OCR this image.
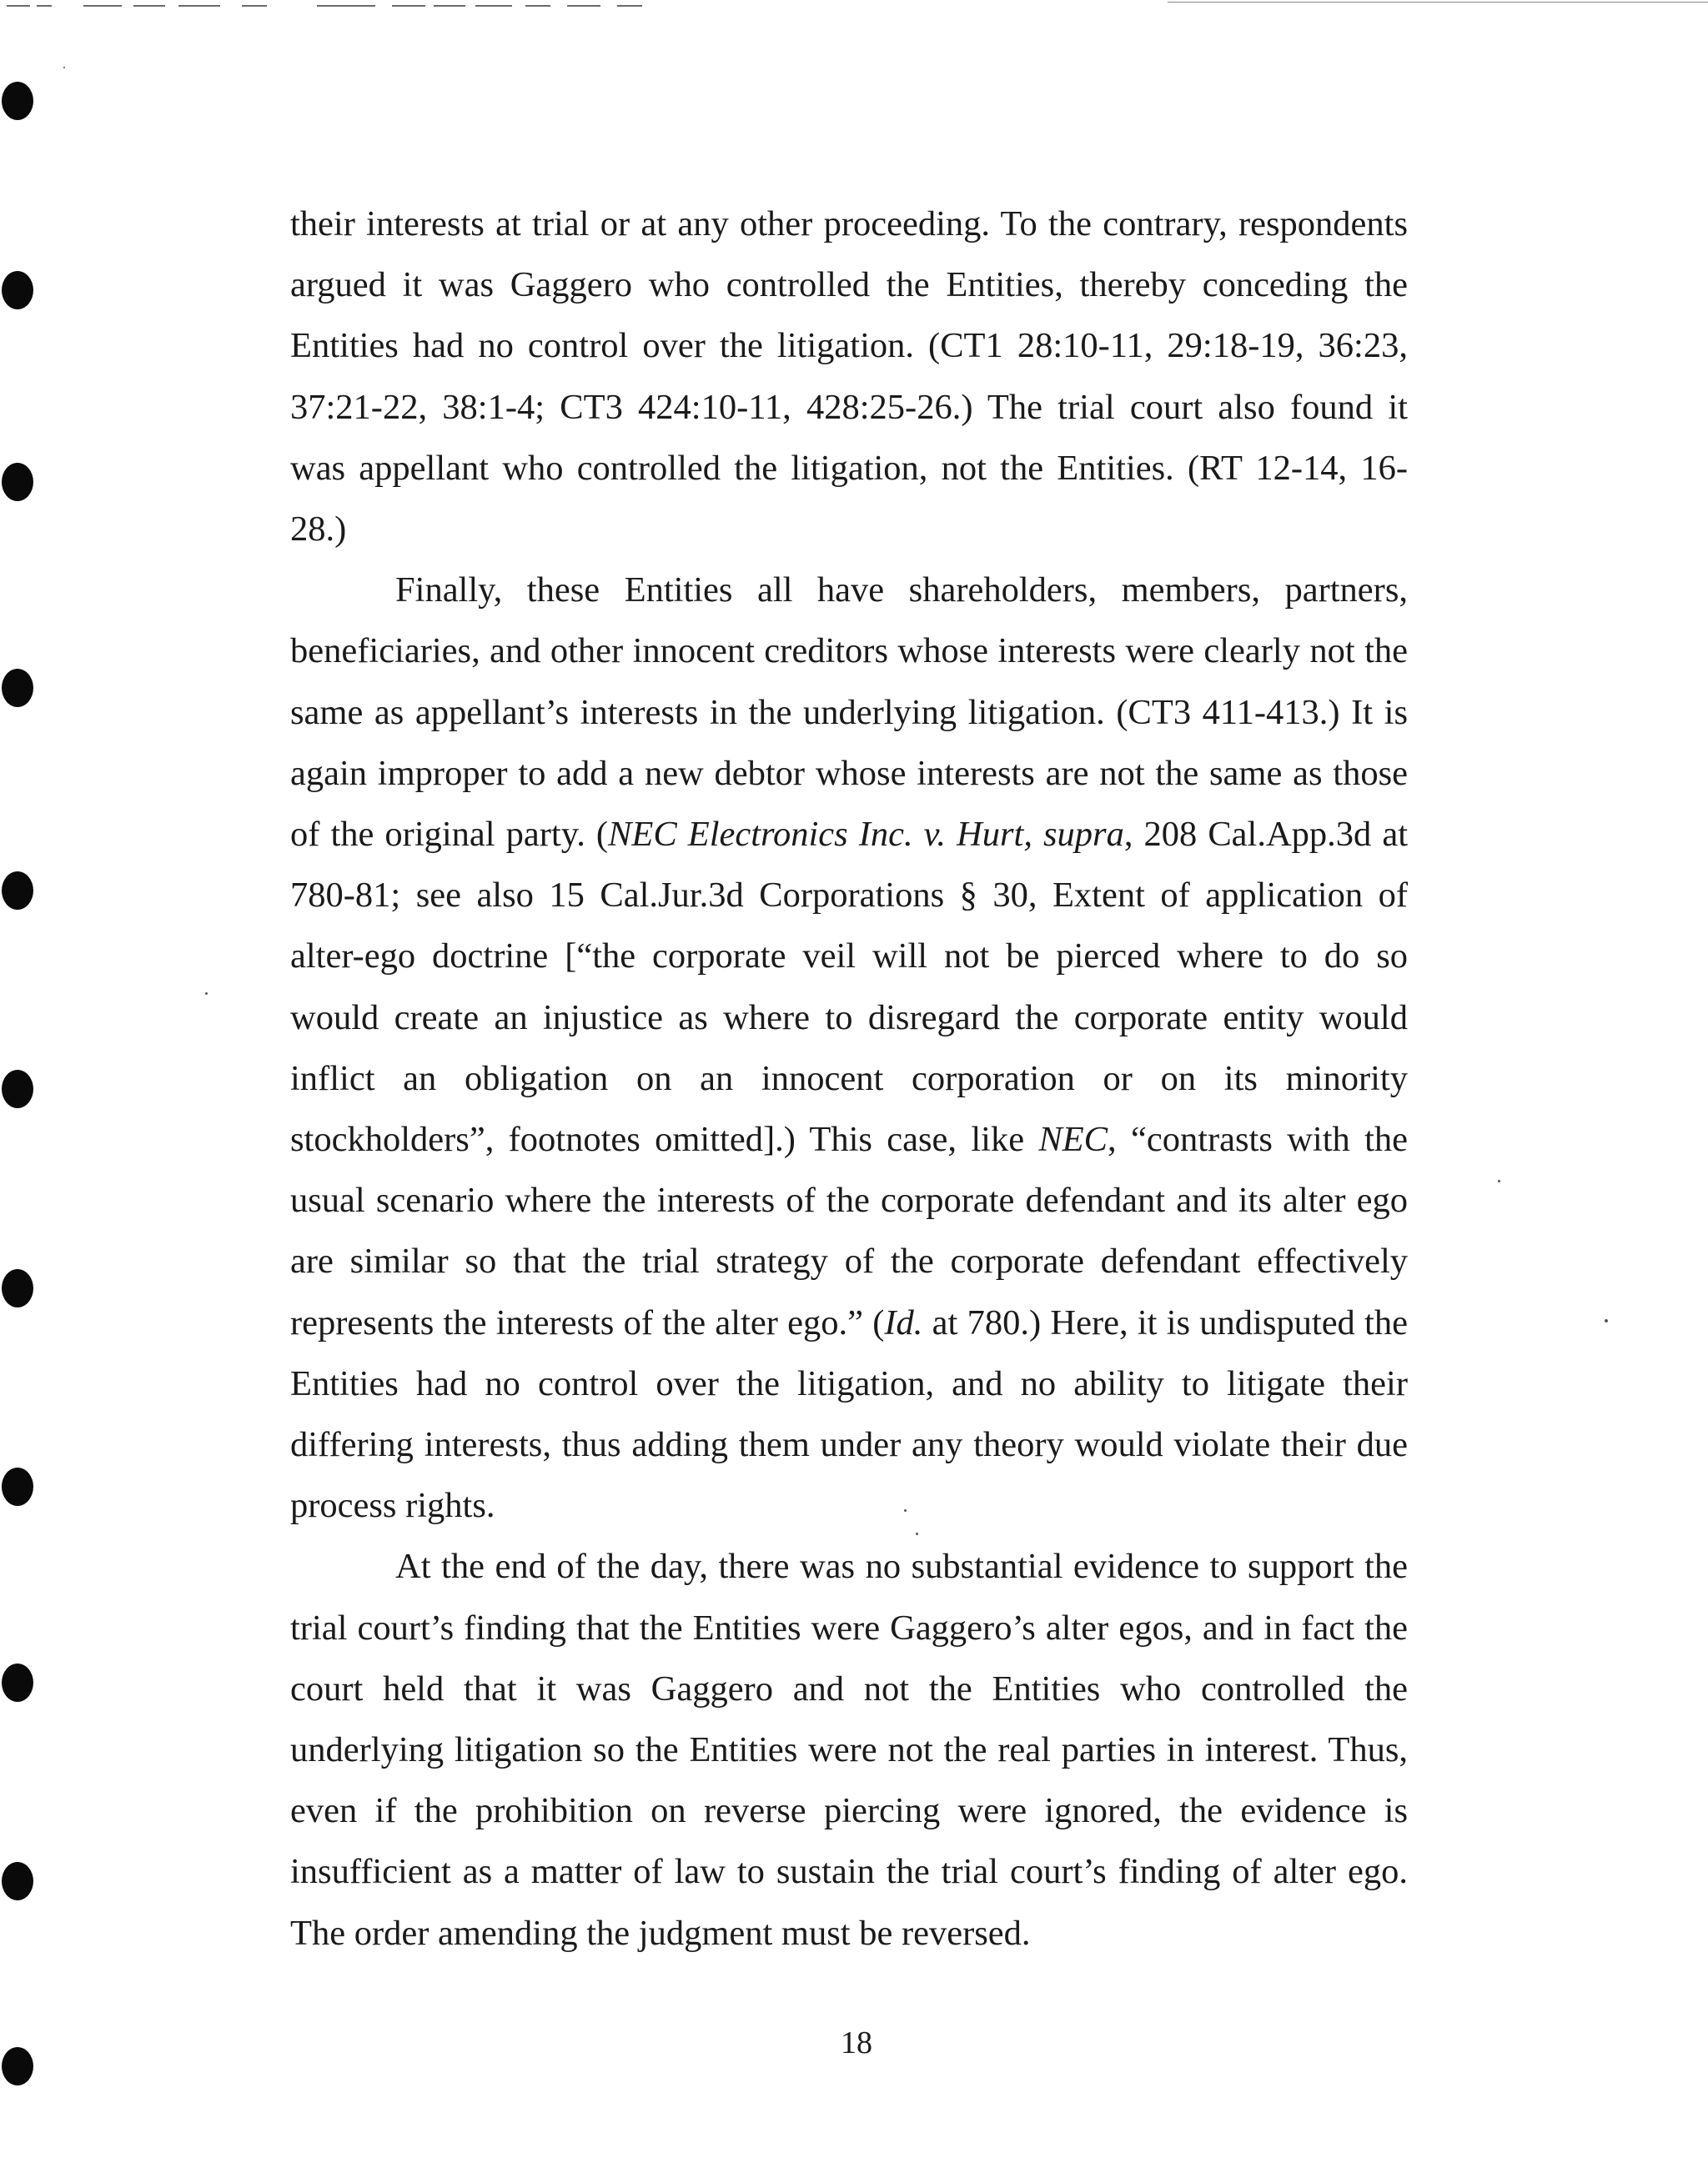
their interests at trial or at any other proceeding. To the contrary, respondents argued it was Gaggero who controlled the Entities, thereby conceding the Entities had no control over the litigation. (CT1 28:10-11, 29:18-19, 36:23, 37:21-22, 38:1-4; CT3 424:10-11, 428:25-26.) The trial court also found it was appellant who controlled the litigation, not the Entities. (RT 12-14, 16-28.)

Finally, these Entities all have shareholders, members, partners, beneficiaries, and other innocent creditors whose interests were clearly not the same as appellant’s interests in the underlying litigation. (CT3 411-413.) It is again improper to add a new debtor whose interests are not the same as those of the original party. (NEC Electronics Inc. v. Hurt, supra, 208 Cal.App.3d at 780-81; see also 15 Cal.Jur.3d Corporations § 30, Extent of application of alter-ego doctrine [“the corporate veil will not be pierced where to do so would create an injustice as where to disregard the corporate entity would inflict an obligation on an innocent corporation or on its minority stockholders”, footnotes omitted].) This case, like NEC, “contrasts with the usual scenario where the interests of the corporate defendant and its alter ego are similar so that the trial strategy of the corporate defendant effectively represents the interests of the alter ego.” (Id. at 780.) Here, it is undisputed the Entities had no control over the litigation, and no ability to litigate their differing interests, thus adding them under any theory would violate their due process rights.

At the end of the day, there was no substantial evidence to support the trial court’s finding that the Entities were Gaggero’s alter egos, and in fact the court held that it was Gaggero and not the Entities who controlled the underlying litigation so the Entities were not the real parties in interest. Thus, even if the prohibition on reverse piercing were ignored, the evidence is insufficient as a matter of law to sustain the trial court’s finding of alter ego. The order amending the judgment must be reversed.

18
